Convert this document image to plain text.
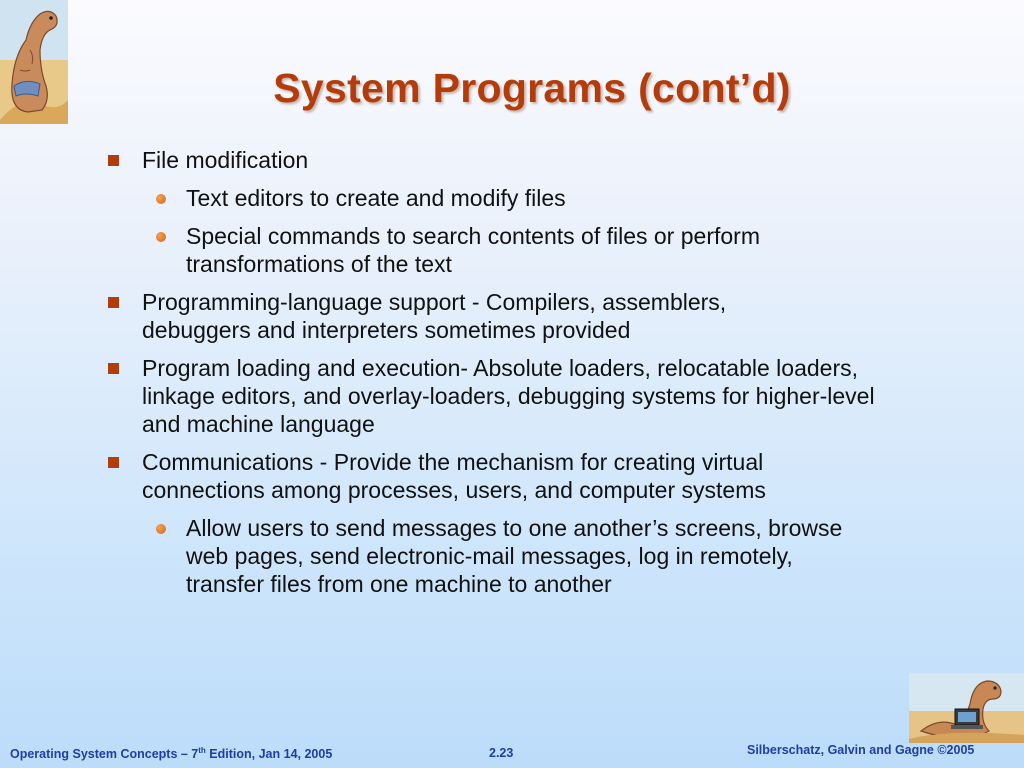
System Programs (cont’d)
File modification
Text editors to create and modify files
Special commands to search contents of files or perform transformations of the text
Programming-language support - Compilers, assemblers, debuggers and interpreters sometimes provided
Program loading and execution- Absolute loaders, relocatable loaders, linkage editors, and overlay-loaders, debugging systems for higher-level and machine language
Communications - Provide the mechanism for creating virtual connections among processes, users, and computer systems
Allow users to send messages to one another’s screens, browse web pages, send electronic-mail messages, log in remotely, transfer files from one machine to another
Operating System Concepts – 7th Edition, Jan 14, 2005	2.23	Silberschatz, Galvin and Gagne ©2005
